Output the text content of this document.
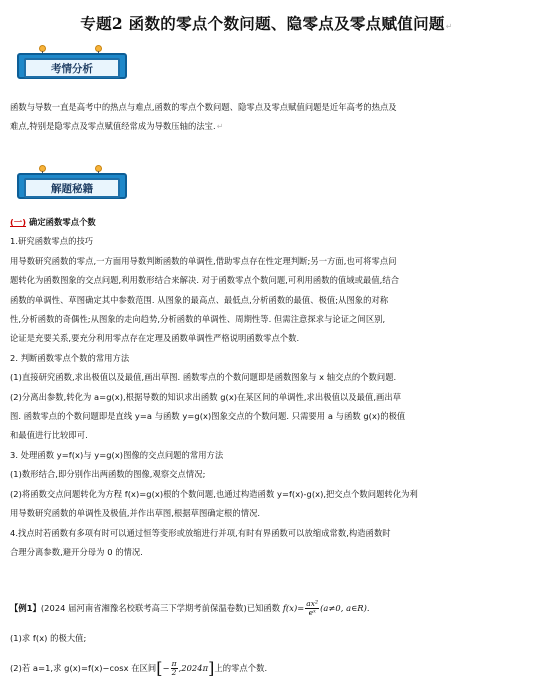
专题2 函数的零点个数问题、隐零点及零点赋值问题↵
考情分析
函数与导数一直是高考中的热点与难点,函数的零点个数问题、隐零点及零点赋值问题是近年高考的热点及
难点,特别是隐零点及零点赋值经常成为导数压轴的法宝.↵
解题秘籍
(一) 确定函数零点个数
1.研究函数零点的技巧
用导数研究函数的零点,一方面用导数判断函数的单调性,借助零点存在性定理判断;另一方面,也可将零点问
题转化为函数图象的交点问题,利用数形结合来解决. 对于函数零点个数问题,可利用函数的值域或最值,结合
函数的单调性、草图确定其中参数范围. 从图象的最高点、最低点,分析函数的最值、极值;从图象的对称
性,分析函数的奇偶性;从图象的走向趋势,分析函数的单调性、周期性等. 但需注意探求与论证之间区别,
论证是充要关系,要充分利用零点存在定理及函数单调性严格说明函数零点个数.
2. 判断函数零点个数的常用方法
(1)直接研究函数,求出极值以及最值,画出草图. 函数零点的个数问题即是函数图象与 x 轴交点的个数问题.
(2)分离出参数,转化为 a=g(x),根据导数的知识求出函数 g(x)在某区间的单调性,求出极值以及最值,画出草
图. 函数零点的个数问题即是直线 y=a 与函数 y=g(x)图象交点的个数问题. 只需要用 a 与函数 g(x)的极值
和最值进行比较即可.
3. 处理函数 y=f(x)与 y=g(x)图像的交点问题的常用方法
(1)数形结合,即分别作出两函数的图像,观察交点情况;
(2)将函数交点问题转化为方程 f(x)=g(x)根的个数问题,也通过构造函数 y=f(x)-g(x),把交点个数问题转化为利
用导数研究函数的单调性及极值,并作出草图,根据草图确定根的情况.
4.找点时若函数有多项有时可以通过恒等变形或放缩进行并项,有时有界函数可以放缩成常数,构造函数时
合理分离参数,避开分母为 0 的情况.
【例1】(2024 届河南省湘豫名校联考高三下学期考前保温卷数)已知函数 $f(x)= \frac{\text{ax²}}{\text{eˣ}} (a\ne 0$, a∈R).
(1)求 f(x) 的极大值;
(2)若 a=1,求 g(x)=f(x)−cosx 在区间[− $\frac{\pi}{2} ,2024\pi$]上的零点个数.
